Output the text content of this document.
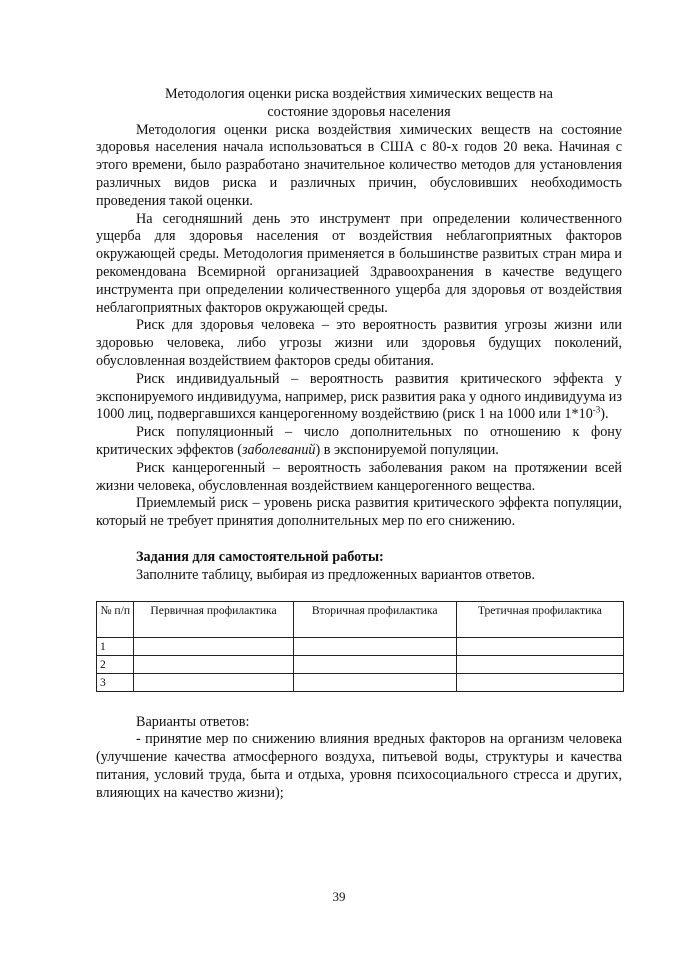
Методология оценки риска воздействия химических веществ на

состояние здоровья населения

Методология оценки риска воздействия химических веществ на состояние здоровья населения начала использоваться в США с 80-х годов 20 века. Начиная с этого времени, было разработано значительное количество методов для установления различных видов риска и различных причин, обусловивших необходимость проведения такой оценки.

На сегодняшний день это инструмент при определении количественного ущерба для здоровья населения от воздействия неблагоприятных факторов окружающей среды. Методология применяется в большинстве развитых стран мира и рекомендована Всемирной организацией Здравоохранения в качестве ведущего инструмента при определении количественного ущерба для здоровья от воздействия неблагоприятных факторов окружающей среды.

Риск для здоровья человека – это вероятность развития угрозы жизни или здоровью человека, либо угрозы жизни или здоровья будущих поколений, обусловленная воздействием факторов среды обитания.

Риск индивидуальный – вероятность развития критического эффекта у экспонируемого индивидуума, например, риск развития рака у одного индивидуума из 1000 лиц, подвергавшихся канцерогенному воздействию (риск 1 на 1000 или $1*10^{-3}$).

Риск популяционный – число дополнительных по отношению к фону критических эффектов (заболеваний) в экспонируемой популяции.

Риск канцерогенный – вероятность заболевания раком на протяжении всей жизни человека, обусловленная воздействием канцерогенного вещества.

Приемлемый риск – уровень риска развития критического эффекта популяции, который не требует принятия дополнительных мер по его снижению.

Задания для самостоятельной работы:

Заполните таблицу, выбирая из предложенных вариантов ответов.

№ п/п	Первичная профилактика	Вторичная профилактика	Третичная профилактика
1			
2			
3			

Варианты ответов:

- принятие мер по снижению влияния вредных факторов на организм человека (улучшение качества атмосферного воздуха, питьевой воды, структуры и качества питания, условий труда, быта и отдыха, уровня психосоциального стресса и других, влияющих на качество жизни);

39
